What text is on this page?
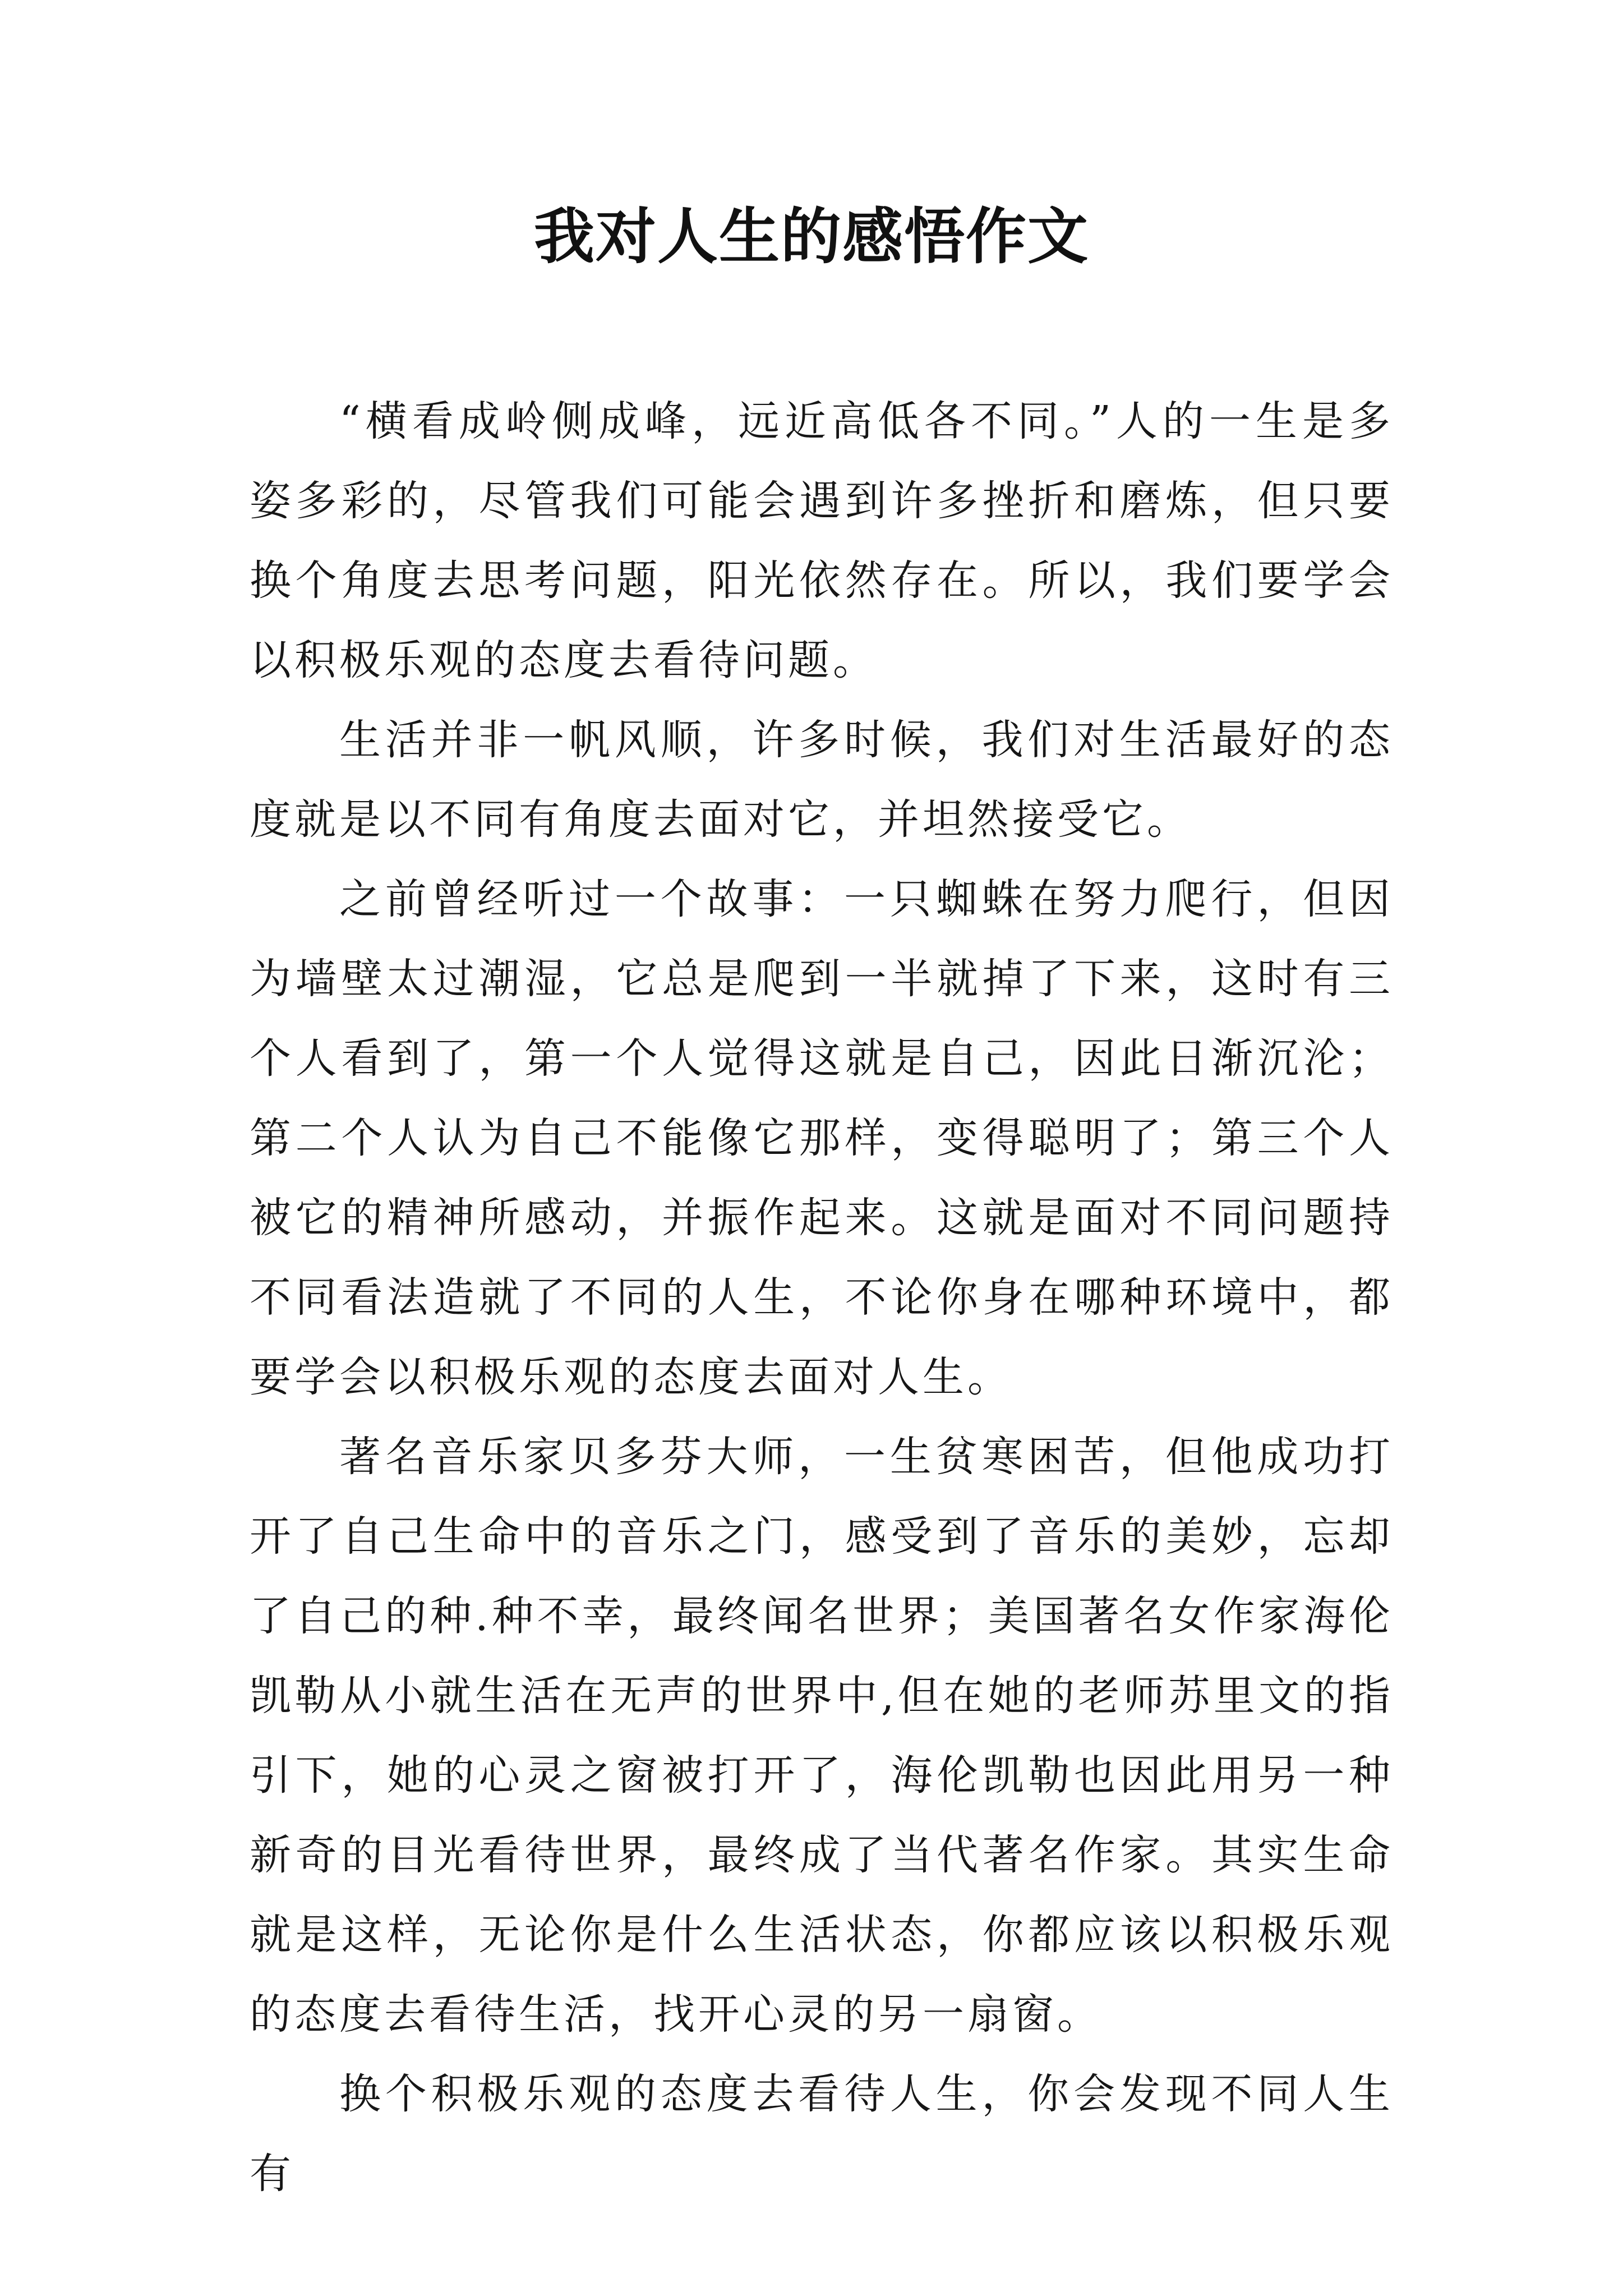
我对人生的感悟作文

“横看成岭侧成峰，远近高低各不同。”人的一生是多姿多彩的，尽管我们可能会遇到许多挫折和磨炼，但只要换个角度去思考问题，阳光依然存在。所以，我们要学会以积极乐观的态度去看待问题。

生活并非一帆风顺，许多时候，我们对生活最好的态度就是以不同有角度去面对它，并坦然接受它。

之前曾经听过一个故事：一只蜘蛛在努力爬行，但因为墙壁太过潮湿，它总是爬到一半就掉了下来，这时有三个人看到了，第一个人觉得这就是自己，因此日渐沉沦；第二个人认为自己不能像它那样，变得聪明了；第三个人被它的精神所感动，并振作起来。这就是面对不同问题持不同看法造就了不同的人生，不论你身在哪种环境中，都要学会以积极乐观的态度去面对人生。

著名音乐家贝多芬大师，一生贫寒困苦，但他成功打开了自己生命中的音乐之门，感受到了音乐的美妙，忘却了自己的种.种不幸，最终闻名世界；美国著名女作家海伦凯勒从小就生活在无声的世界中,但在她的老师苏里文的指引下，她的心灵之窗被打开了，海伦凯勒也因此用另一种新奇的目光看待世界，最终成了当代著名作家。其实生命就是这样，无论你是什么生活状态，你都应该以积极乐观的态度去看待生活，找开心灵的另一扇窗。

换个积极乐观的态度去看待人生，你会发现不同人生有
